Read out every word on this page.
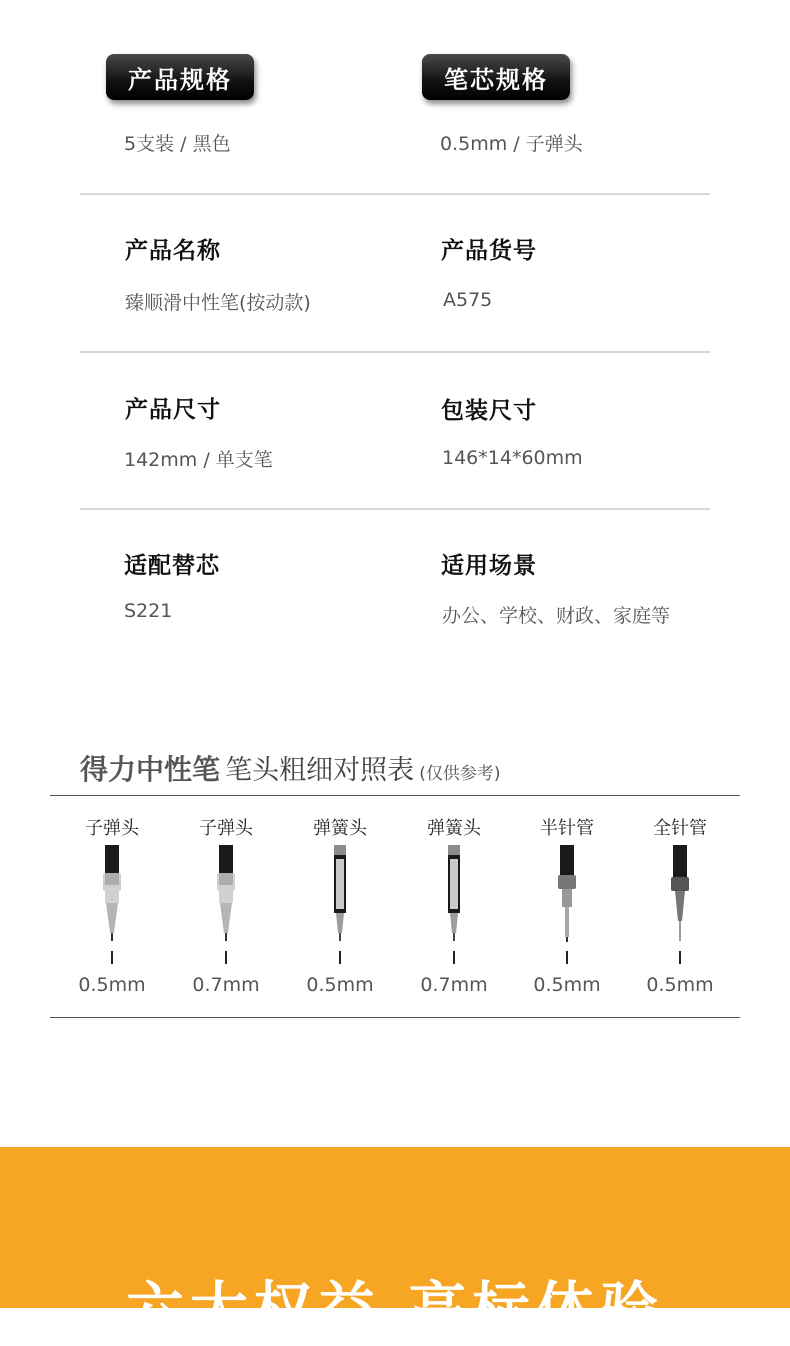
产品规格
5支装 / 黑色
笔芯规格
0.5mm / 子弹头
产品名称
臻顺滑中性笔(按动款)
产品货号
A575
产品尺寸
142mm / 单支笔
包装尺寸
146*14*60mm
适配替芯
S221
适用场景
办公、学校、财政、家庭等
得力中性笔 笔头粗细对照表 (仅供参考)
子弹头
0.5mm
子弹头
0.7mm
弹簧头
0.5mm
弹簧头
0.7mm
半针管
0.5mm
全针管
0.5mm
六大权益 高标体验
